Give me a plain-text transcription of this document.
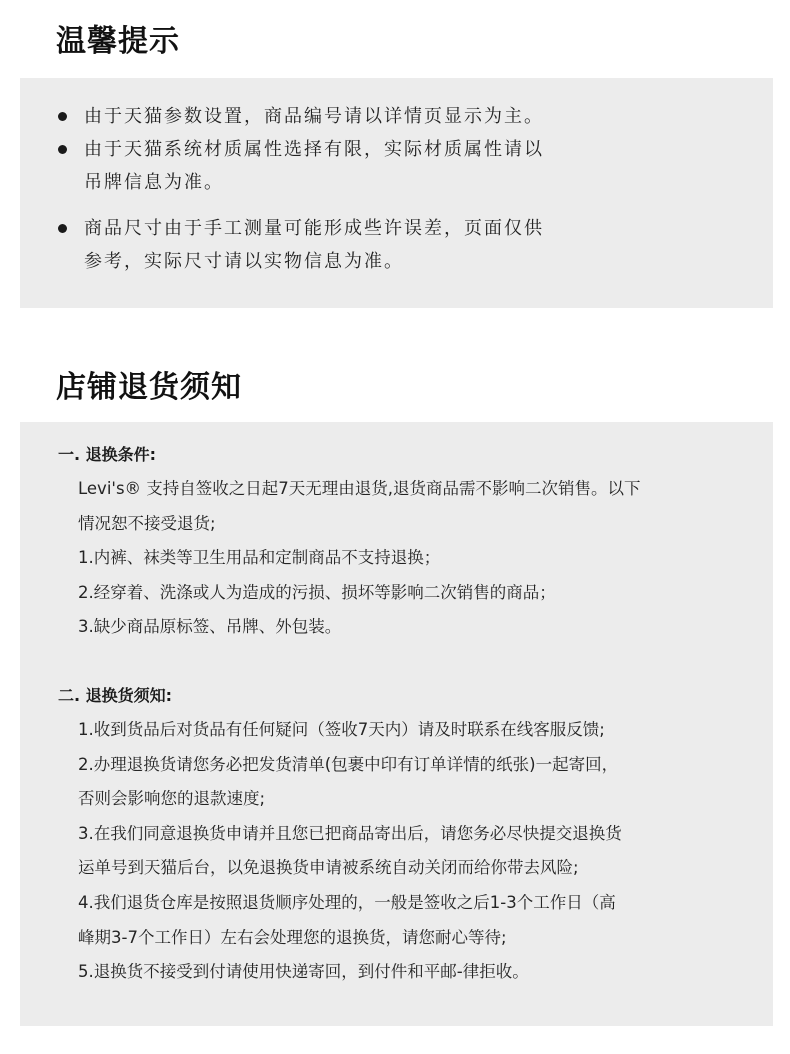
温馨提示
由于天猫参数设置，商品编号请以详情页显示为主。
由于天猫系统材质属性选择有限，实际材质属性请以
吊牌信息为准。
商品尺寸由于手工测量可能形成些许误差，页面仅供
参考，实际尺寸请以实物信息为准。
店铺退货须知

一. 退换条件:

Levi's® 支持自签收之日起7天无理由退货,退货商品需不影响二次销售。以下

情况恕不接受退货;

1.内裤、袜类等卫生用品和定制商品不支持退换；

2.经穿着、洗涤或人为造成的污损、损坏等影响二次销售的商品；

3.缺少商品原标签、吊牌、外包装。

二. 退换货须知:

1.收到货品后对货品有任何疑问（签收7天内）请及时联系在线客服反馈;

2.办理退换货请您务必把发货清单(包裹中印有订单详情的纸张)一起寄回，

否则会影响您的退款速度;

3.在我们同意退换货申请并且您已把商品寄出后，请您务必尽快提交退换货

运单号到天猫后台，以免退换货申请被系统自动关闭而给你带去风险;

4.我们退货仓库是按照退货顺序处理的，一般是签收之后1-3个工作日（高

峰期3-7个工作日）左右会处理您的退换货，请您耐心等待;

5.退换货不接受到付请使用快递寄回，到付件和平邮-律拒收。
